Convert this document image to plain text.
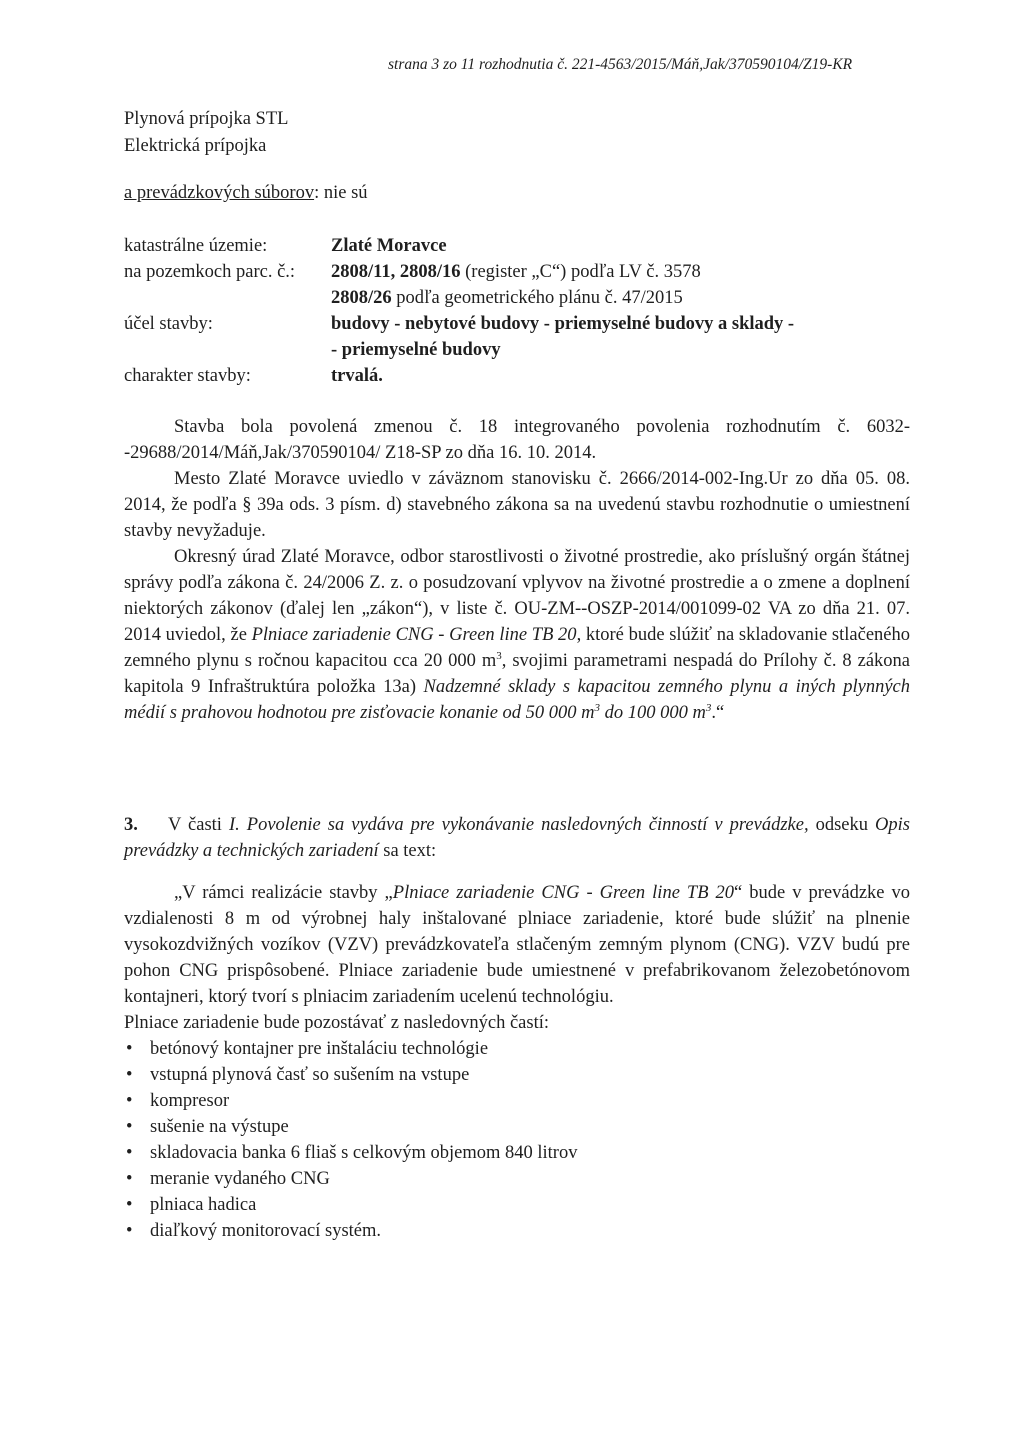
strana 3 zo 11 rozhodnutia č. 221-4563/2015/Máň,Jak/370590104/Z19-KR
Plynová prípojka STL
Elektrická prípojka
a prevádzkových súborov: nie sú
katastrálne územie:	Zlaté Moravce
na pozemkoch parc. č.:	2808/11, 2808/16 (register „C“) podľa LV č. 3578
2808/26 podľa geometrického plánu č. 47/2015
účel stavby:	budovy - nebytové budovy - priemyselné budovy a sklady -
- priemyselné budovy
charakter stavby:	trvalá.

Stavba bola povolená zmenou č. 18 integrovaného povolenia rozhodnutím č. 6032--29688/2014/Máň,Jak/370590104/ Z18-SP zo dňa 16. 10. 2014.

Mesto Zlaté Moravce uviedlo v záväznom stanovisku č. 2666/2014-002-Ing.Ur zo dňa 05. 08. 2014, že podľa § 39a ods. 3 písm. d) stavebného zákona sa na uvedenú stavbu rozhodnutie o umiestnení stavby nevyžaduje.

Okresný úrad Zlaté Moravce, odbor starostlivosti o životné prostredie, ako príslušný orgán štátnej správy podľa zákona č. 24/2006 Z. z. o posudzovaní vplyvov na životné prostredie a o zmene a doplnení niektorých zákonov (ďalej len „zákon“), v liste č. OU-ZM--OSZP-2014/001099-02 VA zo dňa 21. 07. 2014 uviedol, že Plniace zariadenie CNG - Green line TB 20, ktoré bude slúžiť na skladovanie stlačeného zemného plynu s ročnou kapacitou cca 20 000 $m^3$, svojimi parametrami nespadá do Prílohy č. 8 zákona kapitola 9 Infraštruktúra položka 13a) Nadzemné sklady s kapacitou zemného plynu a iných plynných médií s prahovou hodnotou pre zisťovacie konanie od 50 000 $m^3$ do 100 000 $m^3.“$

3. V časti I. Povolenie sa vydáva pre vykonávanie nasledovných činností v prevádzke, odseku Opis prevádzky a technických zariadení sa text:

„V rámci realizácie stavby „Plniace zariadenie CNG - Green line TB 20“ bude v prevádzke vo vzdialenosti 8 m od výrobnej haly inštalované plniace zariadenie, ktoré bude slúžiť na plnenie vysokozdvižných vozíkov (VZV) prevádzkovateľa stlačeným zemným plynom (CNG). VZV budú pre pohon CNG prispôsobené. Plniace zariadenie bude umiestnené v prefabrikovanom železobetónovom kontajneri, ktorý tvorí s plniacim zariadením ucelenú technológiu.

Plniace zariadenie bude pozostávať z nasledovných častí:

• betónový kontajner pre inštaláciu technológie
• vstupná plynová časť so sušením na vstupe
• kompresor
• sušenie na výstupe
• skladovacia banka 6 fliaš s celkovým objemom 840 litrov
• meranie vydaného CNG
• plniaca hadica
• diaľkový monitorovací systém.
